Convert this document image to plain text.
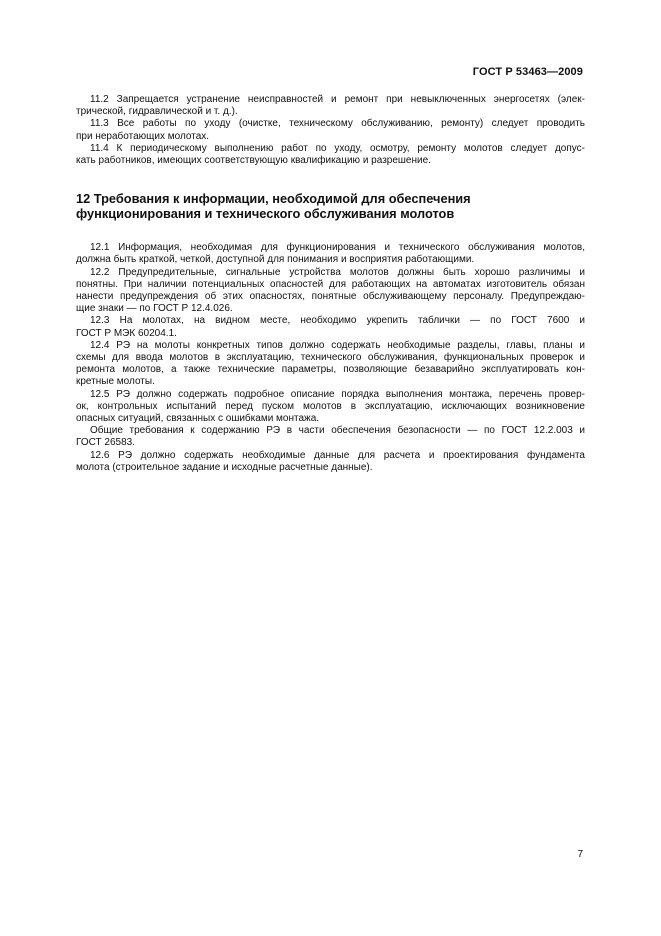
ГОСТ Р 53463—2009
11.2 Запрещается устранение неисправностей и ремонт при невыключенных энергосетях (элек-
трической, гидравлической и т. д.).
11.3 Все работы по уходу (очистке, техническому обслуживанию, ремонту) следует проводить
при неработающих молотах.
11.4 К периодическому выполнению работ по уходу, осмотру, ремонту молотов следует допус-
кать работников, имеющих соответствующую квалификацию и разрешение.
12 Требования к информации, необходимой для обеспечения
функционирования и технического обслуживания молотов
12.1 Информация, необходимая для функционирования и технического обслуживания молотов,
должна быть краткой, четкой, доступной для понимания и восприятия работающими.
12.2 Предупредительные, сигнальные устройства молотов должны быть хорошо различимы и
понятны. При наличии потенциальных опасностей для работающих на автоматах изготовитель обязан
нанести предупреждения об этих опасностях, понятные обслуживающему персоналу. Предупреждаю-
щие знаки — по ГОСТ Р 12.4.026.
12.3 На молотах, на видном месте, необходимо укрепить таблички — по ГОСТ 7600 и
ГОСТ Р МЭК 60204.1.
12.4 РЭ на молоты конкретных типов должно содержать необходимые разделы, главы, планы и
схемы для ввода молотов в эксплуатацию, технического обслуживания, функциональных проверок и
ремонта молотов, а также технические параметры, позволяющие безаварийно эксплуатировать кон-
кретные молоты.
12.5 РЭ должно содержать подробное описание порядка выполнения монтажа, перечень провер-
ок, контрольных испытаний перед пуском молотов в эксплуатацию, исключающих возникновение
опасных ситуаций, связанных с ошибками монтажа.
Общие требования к содержанию РЭ в части обеспечения безопасности — по ГОСТ 12.2.003 и
ГОСТ 26583.
12.6 РЭ должно содержать необходимые данные для расчета и проектирования фундамента
молота (строительное задание и исходные расчетные данные).
7
